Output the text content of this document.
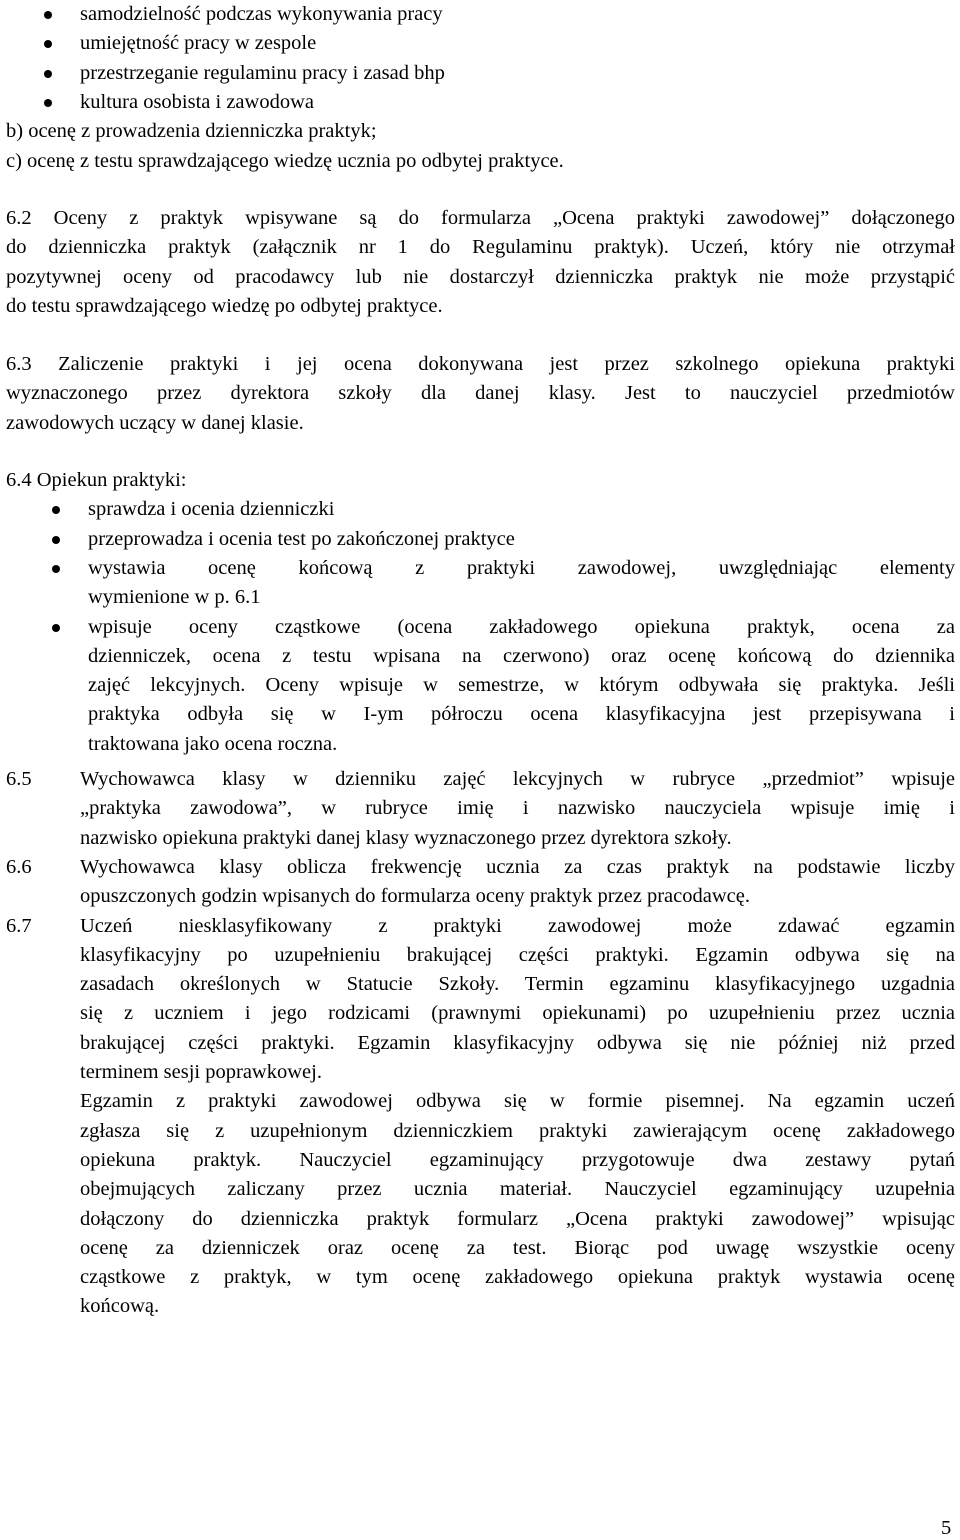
samodzielność podczas wykonywania pracy
umiejętność pracy w zespole
przestrzeganie regulaminu pracy i zasad bhp
kultura osobista i zawodowa
b) ocenę z prowadzenia dzienniczka praktyk;
c) ocenę z testu sprawdzającego wiedzę ucznia po odbytej praktyce.
6.2 Oceny z praktyk wpisywane są do formularza „Ocena praktyki zawodowej” dołączonego
do dzienniczka praktyk (załącznik nr 1 do Regulaminu praktyk). Uczeń, który nie otrzymał
pozytywnej oceny od pracodawcy lub nie dostarczył dzienniczka praktyk nie może przystąpić
do testu sprawdzającego wiedzę po odbytej praktyce.
6.3 Zaliczenie praktyki i jej ocena dokonywana jest przez szkolnego opiekuna praktyki
wyznaczonego przez dyrektora szkoły dla danej klasy. Jest to nauczyciel przedmiotów
zawodowych uczący w danej klasie.
6.4 Opiekun praktyki:
sprawdza i ocenia dzienniczki
przeprowadza i ocenia test po zakończonej praktyce
wystawia ocenę końcową z praktyki zawodowej, uwzględniając elementy
wymienione w p. 6.1
wpisuje oceny cząstkowe (ocena zakładowego opiekuna praktyk, ocena za
dzienniczek, ocena z testu wpisana na czerwono) oraz ocenę końcową do dziennika
zajęć lekcyjnych. Oceny wpisuje w semestrze, w którym odbywała się praktyka. Jeśli
praktyka odbyła się w I-ym półroczu ocena klasyfikacyjna jest przepisywana i
traktowana jako ocena roczna.
6.5 Wychowawca klasy w dzienniku zajęć lekcyjnych w rubryce „przedmiot” wpisuje
„praktyka zawodowa”, w rubryce imię i nazwisko nauczyciela wpisuje imię i
nazwisko opiekuna praktyki danej klasy wyznaczonego przez dyrektora szkoły.
6.6 Wychowawca klasy oblicza frekwencję ucznia za czas praktyk na podstawie liczby
opuszczonych godzin wpisanych do formularza oceny praktyk przez pracodawcę.
6.7 Uczeń niesklasyfikowany z praktyki zawodowej może zdawać egzamin
klasyfikacyjny po uzupełnieniu brakującej części praktyki. Egzamin odbywa się na
zasadach określonych w Statucie Szkoły. Termin egzaminu klasyfikacyjnego uzgadnia
się z uczniem i jego rodzicami (prawnymi opiekunami) po uzupełnieniu przez ucznia
brakującej części praktyki. Egzamin klasyfikacyjny odbywa się nie później niż przed
terminem sesji poprawkowej.
Egzamin z praktyki zawodowej odbywa się w formie pisemnej. Na egzamin uczeń
zgłasza się z uzupełnionym dzienniczkiem praktyki zawierającym ocenę zakładowego
opiekuna praktyk. Nauczyciel egzaminujący przygotowuje dwa zestawy pytań
obejmujących zaliczany przez ucznia materiał. Nauczyciel egzaminujący uzupełnia
dołączony do dzienniczka praktyk formularz „Ocena praktyki zawodowej” wpisując
ocenę za dzienniczek oraz ocenę za test. Biorąc pod uwagę wszystkie oceny
cząstkowe z praktyk, w tym ocenę zakładowego opiekuna praktyk wystawia ocenę
końcową.
5
